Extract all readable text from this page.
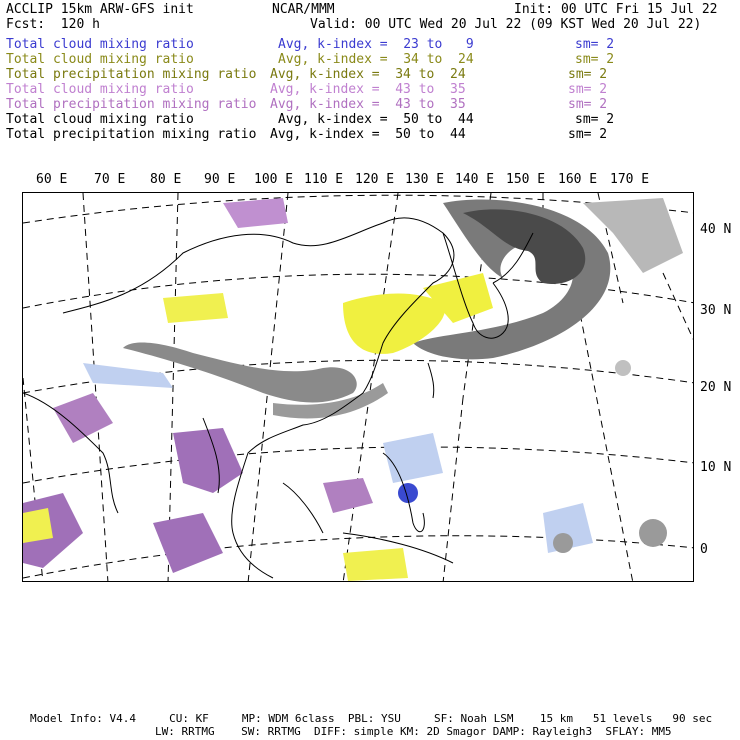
ACCLIP 15km ARW-GFS init	NCAR/MMM	Init: 00 UTC Fri 15 Jul 22
Fcst:  120 h	Valid: 00 UTC Wed 20 Jul 22 (09 KST Wed 20 Jul 22)
Total cloud mixing ratio	Avg, k-index =  23 to   9	sm= 2
Total cloud mixing ratio	Avg, k-index =  34 to  24	sm= 2
Total precipitation mixing ratio Avg, k-index =  34 to  24	sm= 2
Total cloud mixing ratio	Avg, k-index =  43 to  35	sm= 2
Total precipitation mixing ratio Avg, k-index =  43 to  35	sm= 2
Total cloud mixing ratio	Avg, k-index =  50 to  44	sm= 2
Total precipitation mixing ratio Avg, k-index =  50 to  44	sm= 2
60 E 70 E 80 E 90 E 100 E 110 E 120 E 130 E 140 E 150 E 160 E 170 E
40 N
30 N
20 N
10 N
0
Model Info: V4.4     CU: KF     MP: WDM 6class  PBL: YSU     SF: Noah LSM    15 km   51 levels   90 sec
LW: RRTMG    SW: RRTMG  DIFF: simple KM: 2D Smagor DAMP: Rayleigh3  SFLAY: MM5
